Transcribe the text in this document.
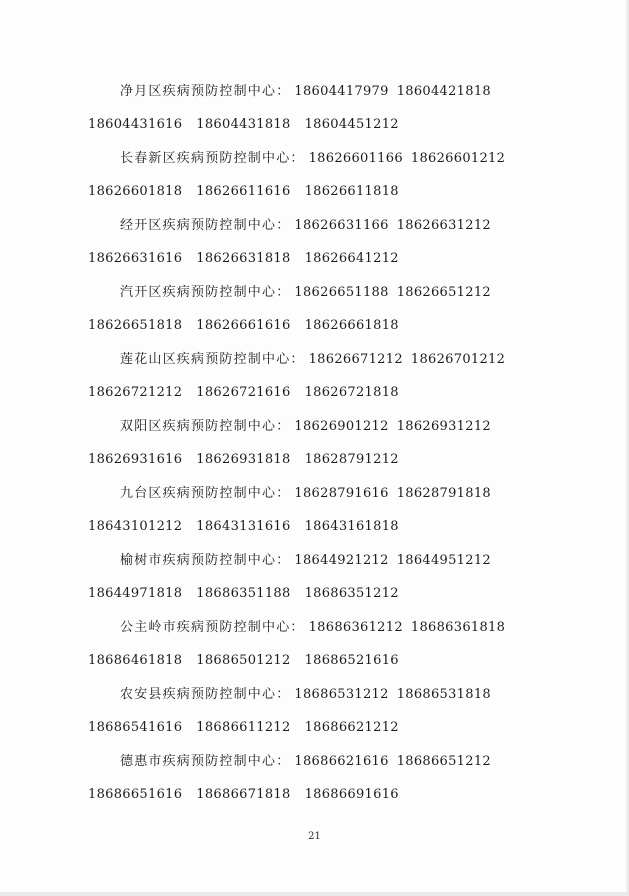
净月区疾病预防控制中心： 18604417979 18604421818
18604431616 18604431818 18604451212
长春新区疾病预防控制中心： 18626601166 18626601212
18626601818 18626611616 18626611818
经开区疾病预防控制中心： 18626631166 18626631212
18626631616 18626631818 18626641212
汽开区疾病预防控制中心： 18626651188 18626651212
18626651818 18626661616 18626661818
莲花山区疾病预防控制中心： 18626671212 18626701212
18626721212 18626721616 18626721818
双阳区疾病预防控制中心： 18626901212 18626931212
18626931616 18626931818 18628791212
九台区疾病预防控制中心： 18628791616 18628791818
18643101212 18643131616 18643161818
榆树市疾病预防控制中心： 18644921212 18644951212
18644971818 18686351188 18686351212
公主岭市疾病预防控制中心： 18686361212 18686361818
18686461818 18686501212 18686521616
农安县疾病预防控制中心： 18686531212 18686531818
18686541616 18686611212 18686621212
德惠市疾病预防控制中心： 18686621616 18686651212
18686651616 18686671818 18686691616
21
